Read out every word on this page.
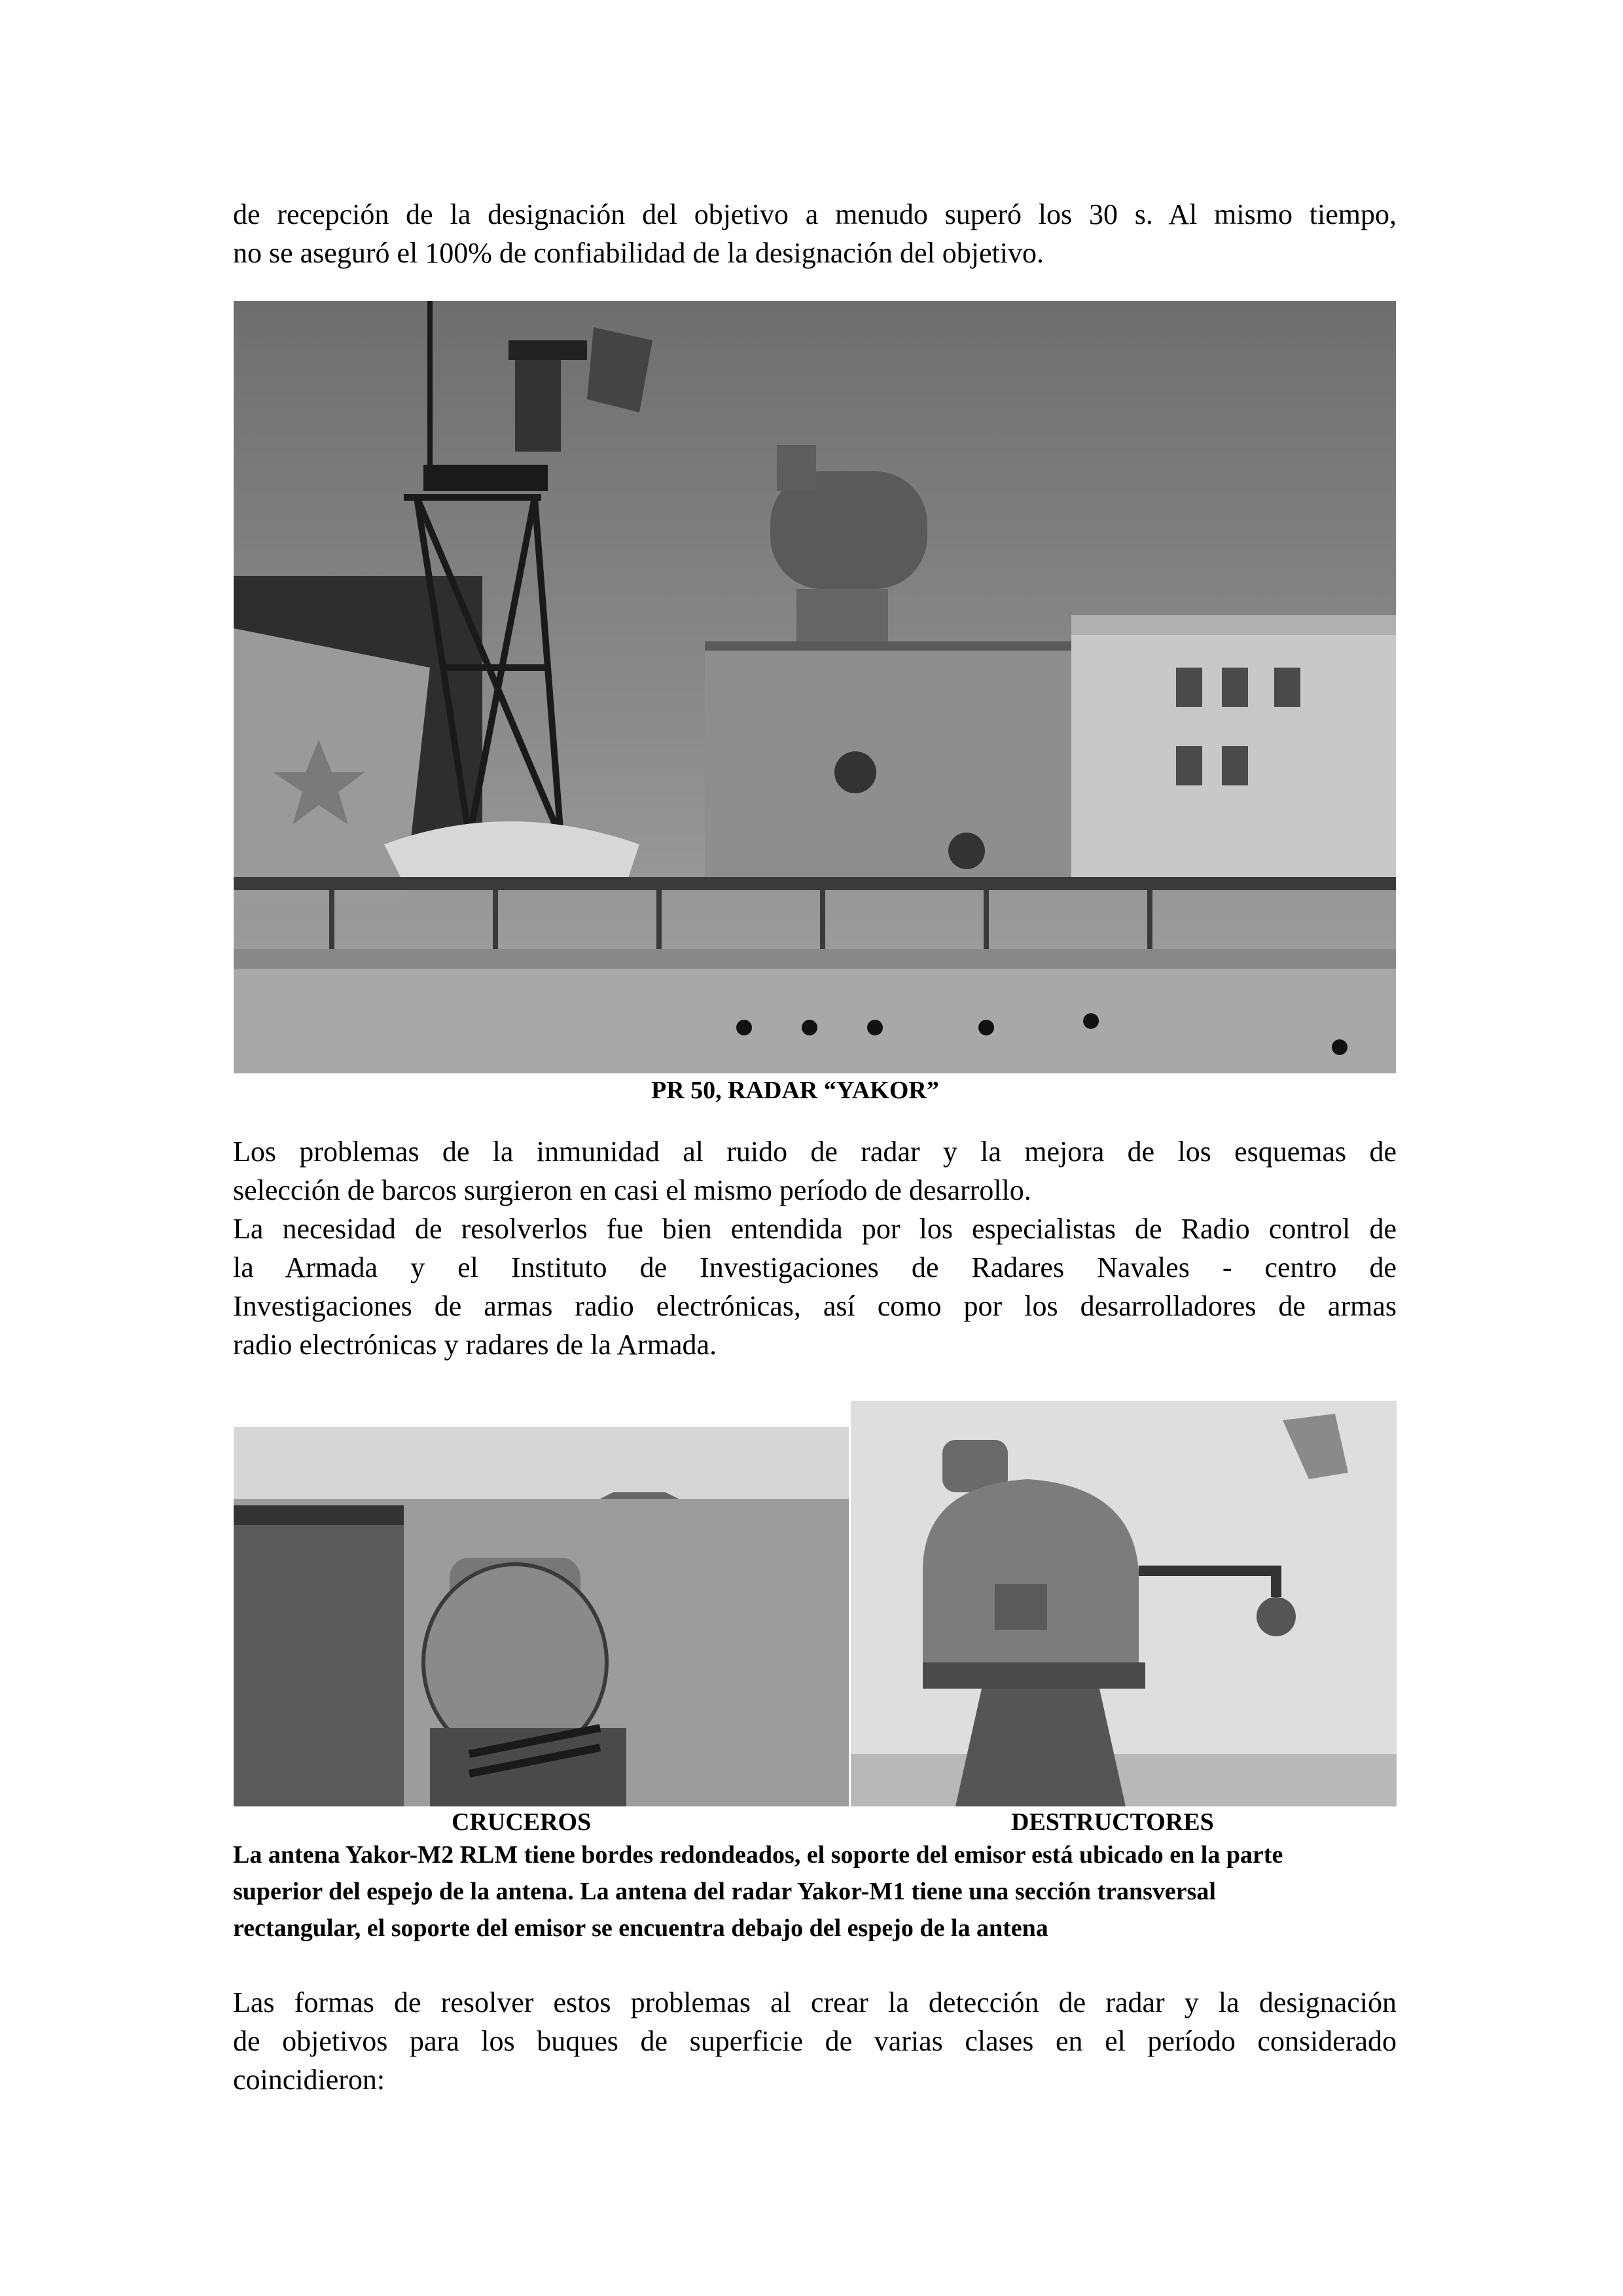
de recepción de la designación del objetivo a menudo superó los 30 s. Al mismo tiempo,
no se aseguró el 100% de confiabilidad de la designación del objetivo.

PR 50, RADAR “YAKOR”

Los problemas de la inmunidad al ruido de radar y la mejora de los esquemas de
selección de barcos surgieron en casi el mismo período de desarrollo.

La necesidad de resolverlos fue bien entendida por los especialistas de Radio control de
la Armada y el Instituto de Investigaciones de Radares Navales - centro de
Investigaciones de armas radio electrónicas, así como por los desarrolladores de armas
radio electrónicas y radares de la Armada.

CRUCEROS	DESTRUCTORES

La antena Yakor-M2 RLM tiene bordes redondeados, el soporte del emisor está ubicado en la parte
superior del espejo de la antena. La antena del radar Yakor-M1 tiene una sección transversal
rectangular, el soporte del emisor se encuentra debajo del espejo de la antena

Las formas de resolver estos problemas al crear la detección de radar y la designación
de objetivos para los buques de superficie de varias clases en el período considerado
coincidieron:
